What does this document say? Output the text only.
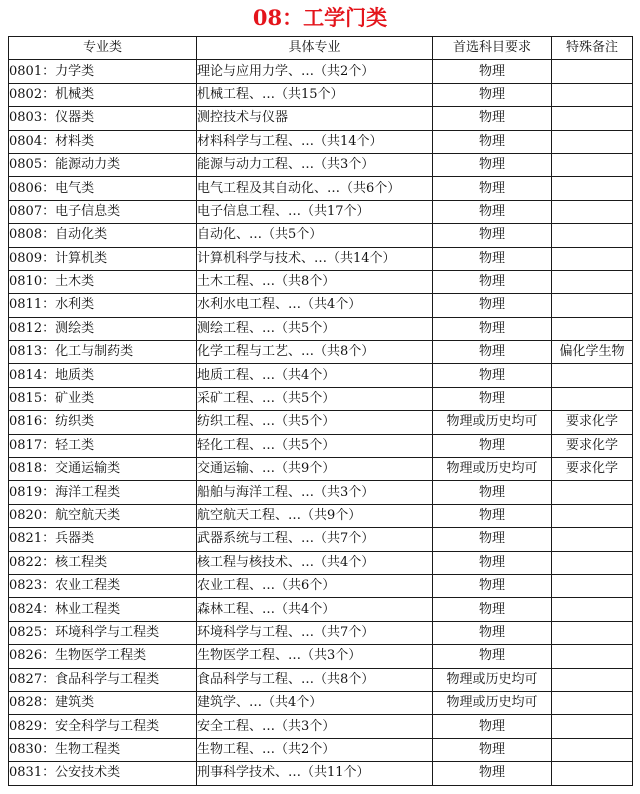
08：工学门类
专业类	具体专业	首选科目要求	特殊备注
0801：力学类	理论与应用力学、…（共2个）	物理	
0802：机械类	机械工程、…（共15个）	物理	
0803：仪器类	测控技术与仪器	物理	
0804：材料类	材料科学与工程、…（共14个）	物理	
0805：能源动力类	能源与动力工程、…（共3个）	物理	
0806：电气类	电气工程及其自动化、…（共6个）	物理	
0807：电子信息类	电子信息工程、…（共17个）	物理	
0808：自动化类	自动化、…（共5个）	物理	
0809：计算机类	计算机科学与技术、…（共14个）	物理	
0810：土木类	土木工程、…（共8个）	物理	
0811：水利类	水利水电工程、…（共4个）	物理	
0812：测绘类	测绘工程、…（共5个）	物理	
0813：化工与制药类	化学工程与工艺、…（共8个）	物理	偏化学生物
0814：地质类	地质工程、…（共4个）	物理	
0815：矿业类	采矿工程、…（共5个）	物理	
0816：纺织类	纺织工程、…（共5个）	物理或历史均可	要求化学
0817：轻工类	轻化工程、…（共5个）	物理	要求化学
0818：交通运输类	交通运输、…（共9个）	物理或历史均可	要求化学
0819：海洋工程类	船舶与海洋工程、…（共3个）	物理	
0820：航空航天类	航空航天工程、…（共9个）	物理	
0821：兵器类	武器系统与工程、…（共7个）	物理	
0822：核工程类	核工程与核技术、…（共4个）	物理	
0823：农业工程类	农业工程、…（共6个）	物理	
0824：林业工程类	森林工程、…（共4个）	物理	
0825：环境科学与工程类	环境科学与工程、…（共7个）	物理	
0826：生物医学工程类	生物医学工程、…（共3个）	物理	
0827：食品科学与工程类	食品科学与工程、…（共8个）	物理或历史均可	
0828：建筑类	建筑学、…（共4个）	物理或历史均可	
0829：安全科学与工程类	安全工程、…（共3个）	物理	
0830：生物工程类	生物工程、…（共2个）	物理	
0831：公安技术类	刑事科学技术、…（共11个）	物理	
